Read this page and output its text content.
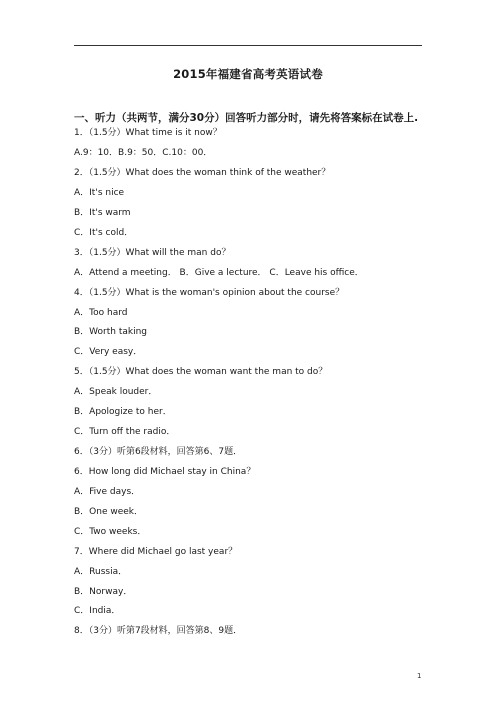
2015年福建省高考英语试卷
一、听力（共两节，满分30分）回答听力部分时，请先将答案标在试卷上.
1．（1.5分）What time is it now？
A.9：10．B.9：50．C.10：00．
2．（1.5分）What does the woman think of the weather？
A．It's nice
B．It's warm
C．It's cold．
3．（1.5分）What will the man do？
A．Attend a meeting． B．Give a lecture． C．Leave his office．
4．（1.5分）What is the woman's opinion about the course？
A．Too hard
B．Worth taking
C．Very easy．
5．（1.5分）What does the woman want the man to do？
A．Speak louder．
B．Apologize to her．
C．Turn off the radio．
6．（3分）听第6段材料，回答第6、7题．
6．How long did Michael stay in China？
A．Five days．
B．One week．
C．Two weeks．
7．Where did Michael go last year？
A．Russia．
B．Norway．
C．India．
8．（3分）听第7段材料，回答第8、9题．
1
